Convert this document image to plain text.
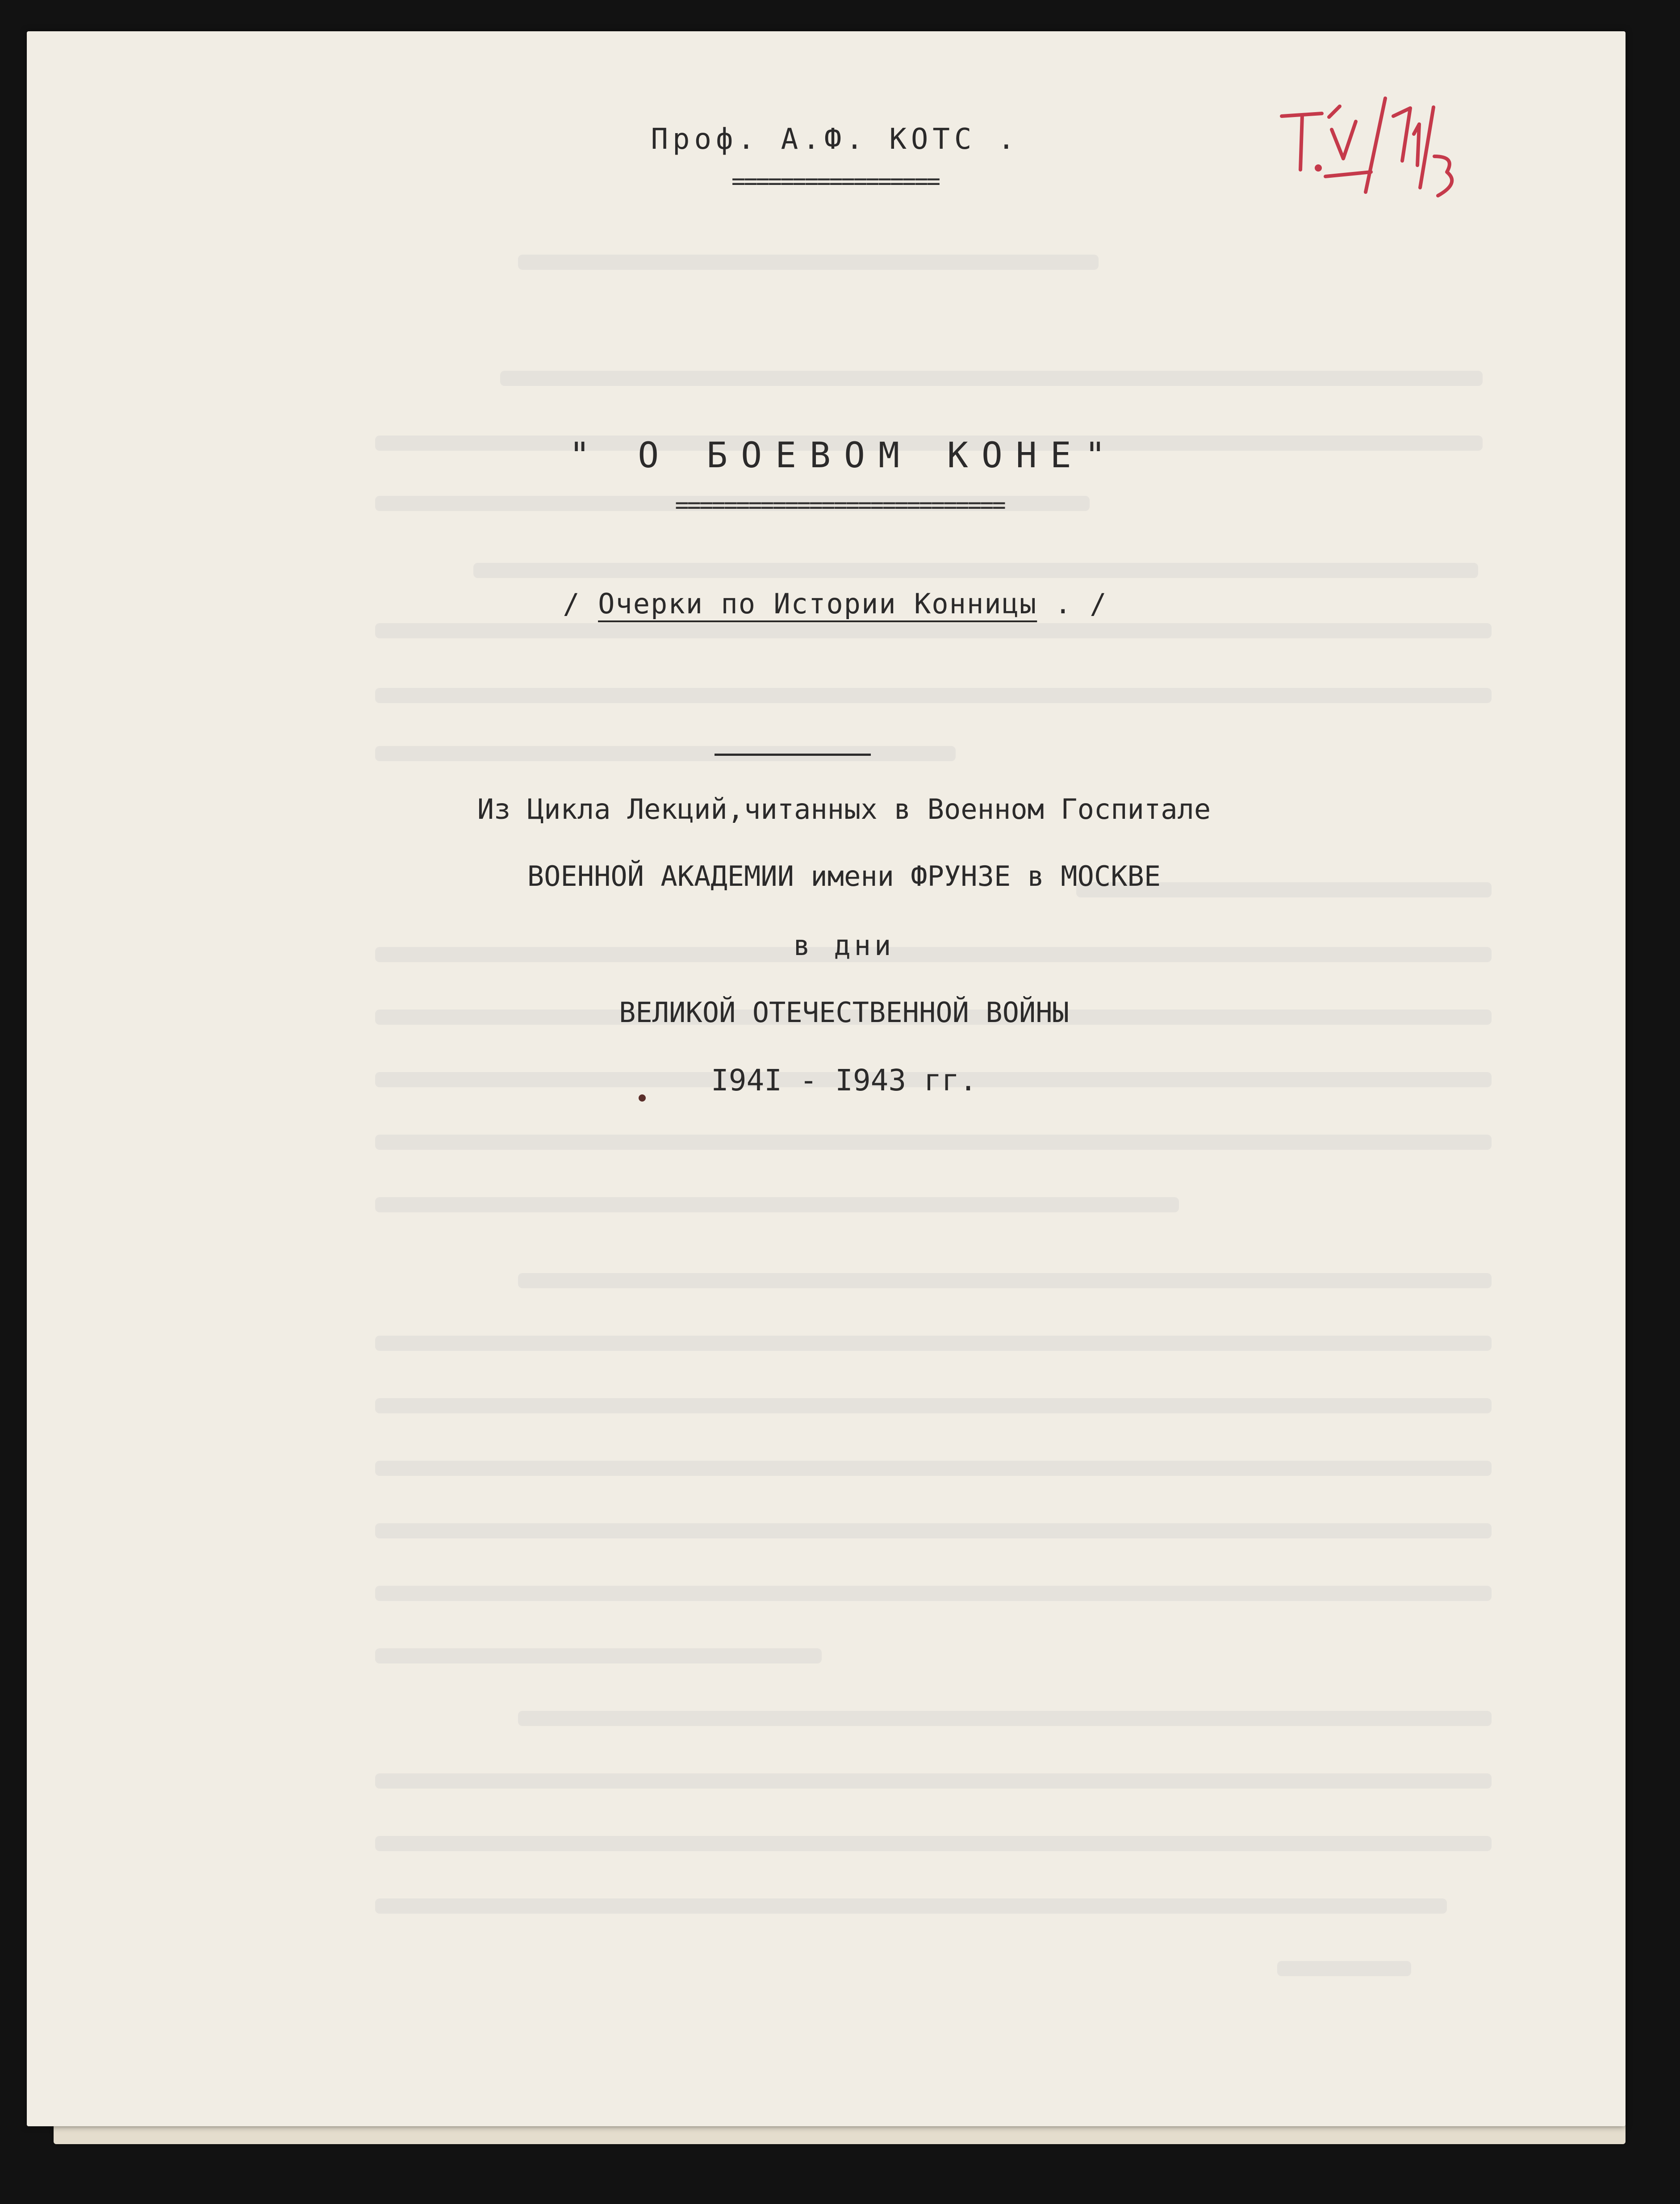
Проф. А.Ф. КОТС .
=================
" О БОЕВОМ КОНЕ"
===========================
/ Очерки по Истории Конницы . /
Из Цикла Лекций,читанных в Военном Госпитале
ВОЕННОЙ АКАДЕМИИ имени ФРУНЗЕ в МОСКВЕ
в дни
ВЕЛИКОЙ ОТЕЧЕСТВЕННОЙ ВОЙНЫ
I94I - I943 гг.
